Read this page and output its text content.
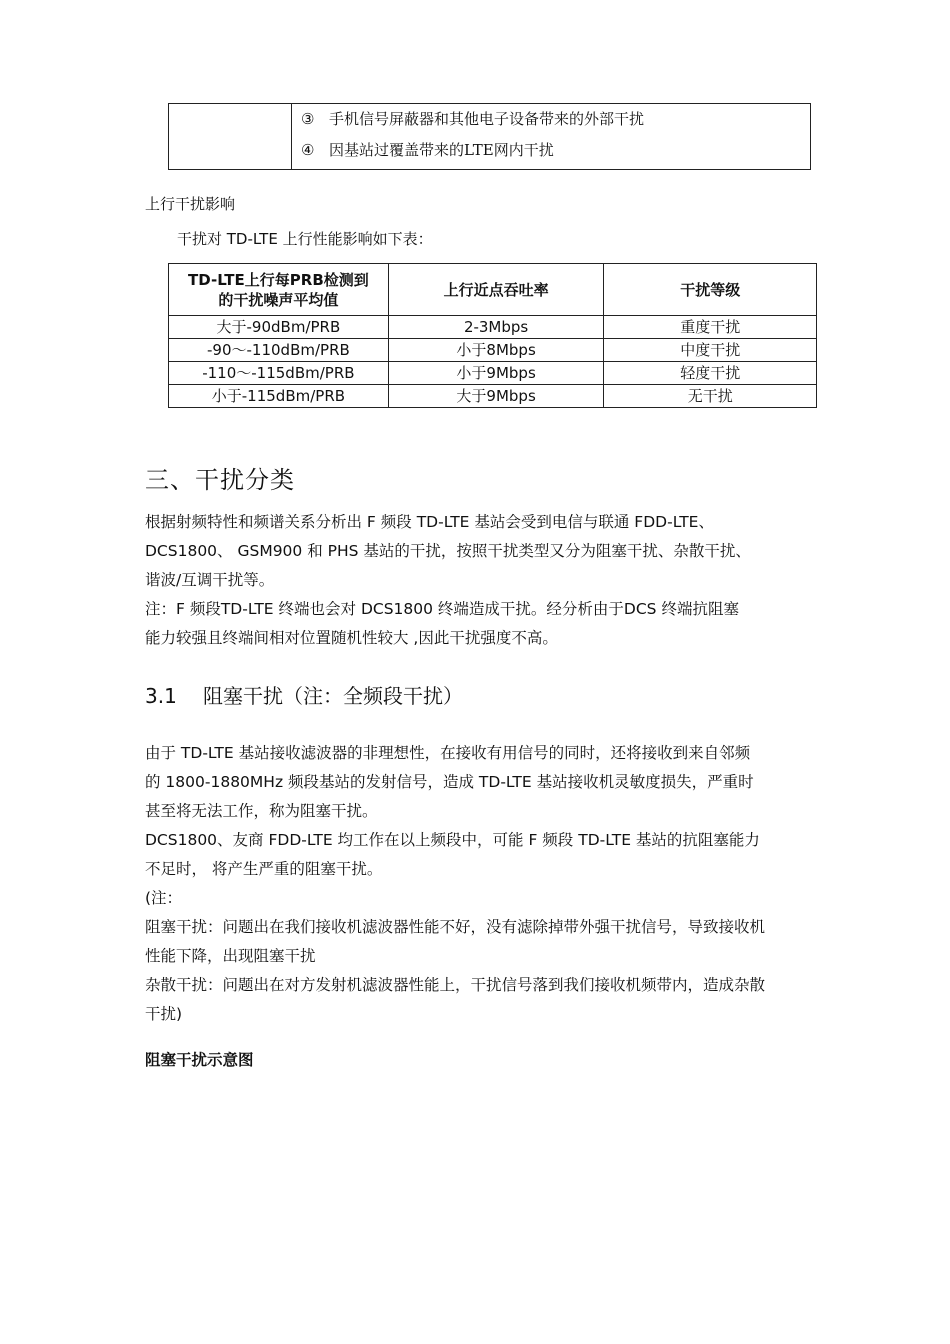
③ 手机信号屏蔽器和其他电子设备带来的外部干扰
④ 因基站过覆盖带来的LTE网内干扰
上行干扰影响
干扰对 TD-LTE 上行性能影响如下表：
TD-LTE上行每PRB检测到
的干扰噪声平均值	上行近点吞吐率	干扰等级
大于-90dBm/PRB	2-3Mbps	重度干扰
-90～-110dBm/PRB	小于8Mbps	中度干扰
-110～-115dBm/PRB	小于9Mbps	轻度干扰
小于-115dBm/PRB	大于9Mbps	无干扰
三、干扰分类
根据射频特性和频谱关系分析出 F 频段 TD-LTE 基站会受到电信与联通 FDD-LTE、
DCS1800、 GSM900 和 PHS 基站的干扰，按照干扰类型又分为阻塞干扰、杂散干扰、
谐波/互调干扰等。
注：F 频段TD-LTE 终端也会对 DCS1800 终端造成干扰。经分析由于DCS 终端抗阻塞
能力较强且终端间相对位置随机性较大 ,因此干扰强度不高。
3.1 阻塞干扰（注：全频段干扰）
由于 TD-LTE 基站接收滤波器的非理想性，在接收有用信号的同时，还将接收到来自邻频
的 1800-1880MHz 频段基站的发射信号，造成 TD-LTE 基站接收机灵敏度损失，严重时
甚至将无法工作，称为阻塞干扰。
DCS1800、友商 FDD-LTE 均工作在以上频段中，可能 F 频段 TD-LTE 基站的抗阻塞能力
不足时， 将产生严重的阻塞干扰。
(注：
阻塞干扰：问题出在我们接收机滤波器性能不好，没有滤除掉带外强干扰信号，导致接收机
性能下降，出现阻塞干扰
杂散干扰：问题出在对方发射机滤波器性能上，干扰信号落到我们接收机频带内，造成杂散
干扰)
阻塞干扰示意图
